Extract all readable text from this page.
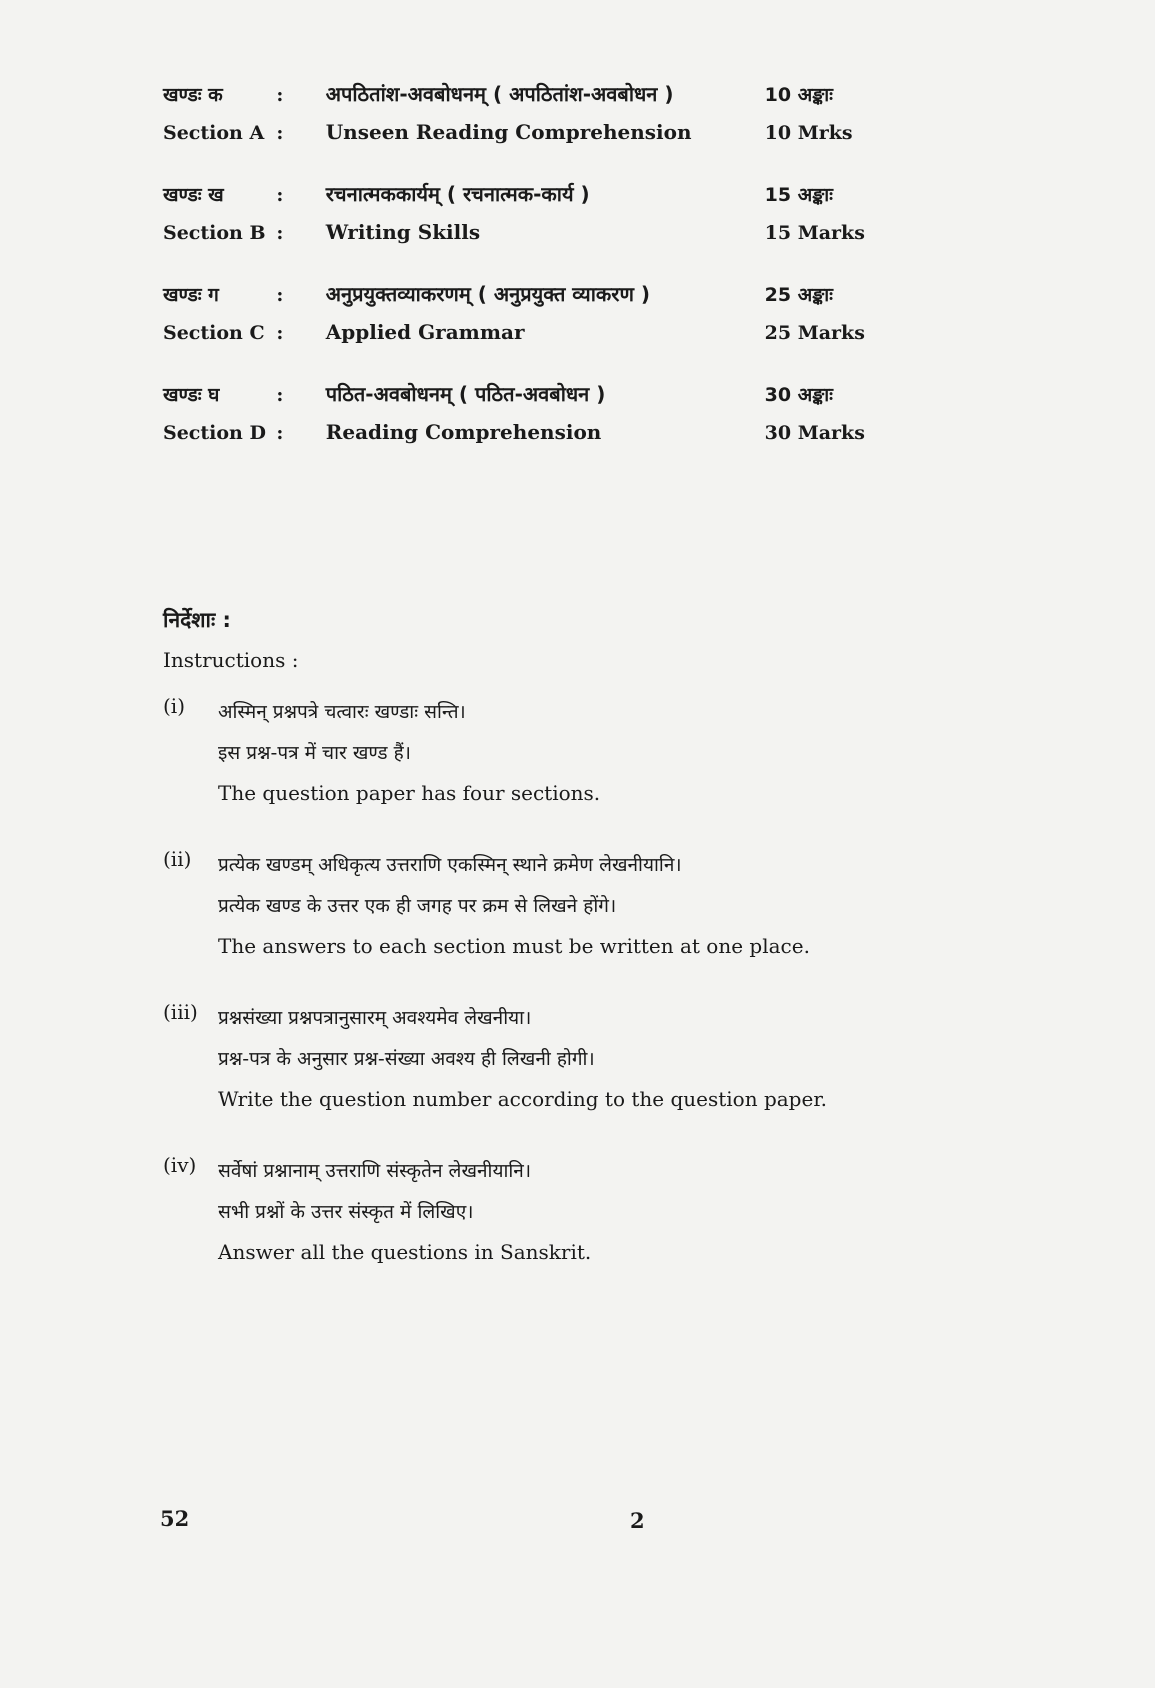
खण्डः क	:	अपठितांश-अवबोधनम् ( अपठितांश-अवबोधन )	10 अङ्काः
Section A :	Unseen Reading Comprehension	10 Mrks
खण्डः ख	:	रचनात्मककार्यम् ( रचनात्मक-कार्य )	15 अङ्काः
Section B :	Writing Skills	15 Marks
खण्डः ग	:	अनुप्रयुक्तव्याकरणम् ( अनुप्रयुक्त व्याकरण )	25 अङ्काः
Section C :	Applied Grammar	25 Marks
खण्डः घ	:	पठित-अवबोधनम् ( पठित-अवबोधन )	30 अङ्काः
Section D :	Reading Comprehension	30 Marks
निर्देशाः :
Instructions :
(i)	अस्मिन् प्रश्नपत्रे चत्वारः खण्डाः सन्ति।
इस प्रश्न-पत्र में चार खण्ड हैं।
The question paper has four sections.
(ii)	प्रत्येक खण्डम् अधिकृत्य उत्तराणि एकस्मिन् स्थाने क्रमेण लेखनीयानि।
प्रत्येक खण्ड के उत्तर एक ही जगह पर क्रम से लिखने होंगे।
The answers to each section must be written at one place.
(iii)	प्रश्नसंख्या प्रश्नपत्रानुसारम् अवश्यमेव लेखनीया।
प्रश्न-पत्र के अनुसार प्रश्न-संख्या अवश्य ही लिखनी होगी।
Write the question number according to the question paper.
(iv)	सर्वेषां प्रश्नानाम् उत्तराणि संस्कृतेन लेखनीयानि।
सभी प्रश्नों के उत्तर संस्कृत में लिखिए।
Answer all the questions in Sanskrit.
52	2
